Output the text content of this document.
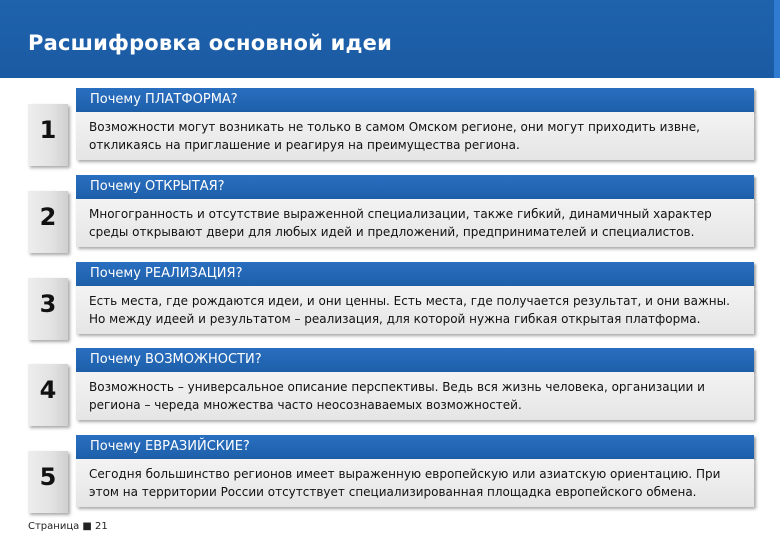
Расшифровка основной идеи
1
Почему ПЛАТФОРМА?
Возможности могут возникать не только в самом Омском регионе, они могут приходить извне, откликаясь на приглашение и реагируя на преимущества региона.
2
Почему ОТКРЫТАЯ?
Многогранность и отсутствие выраженной специализации, также гибкий, динамичный характер среды открывают двери для любых идей и предложений, предпринимателей и специалистов.
3
Почему РЕАЛИЗАЦИЯ?
Есть места, где рождаются идеи, и они ценны. Есть места, где получается результат, и они важны. Но между идеей и результатом – реализация, для которой нужна гибкая открытая платформа.
4
Почему ВОЗМОЖНОСТИ?
Возможность – универсальное описание перспективы. Ведь вся жизнь человека, организации и региона – череда множества часто неосознаваемых возможностей.
5
Почему ЕВРАЗИЙСКИЕ?
Сегодня большинство регионов имеет выраженную европейскую или азиатскую ориентацию. При этом на территории России отсутствует специализированная площадка европейского обмена.
Страница ■ 21
